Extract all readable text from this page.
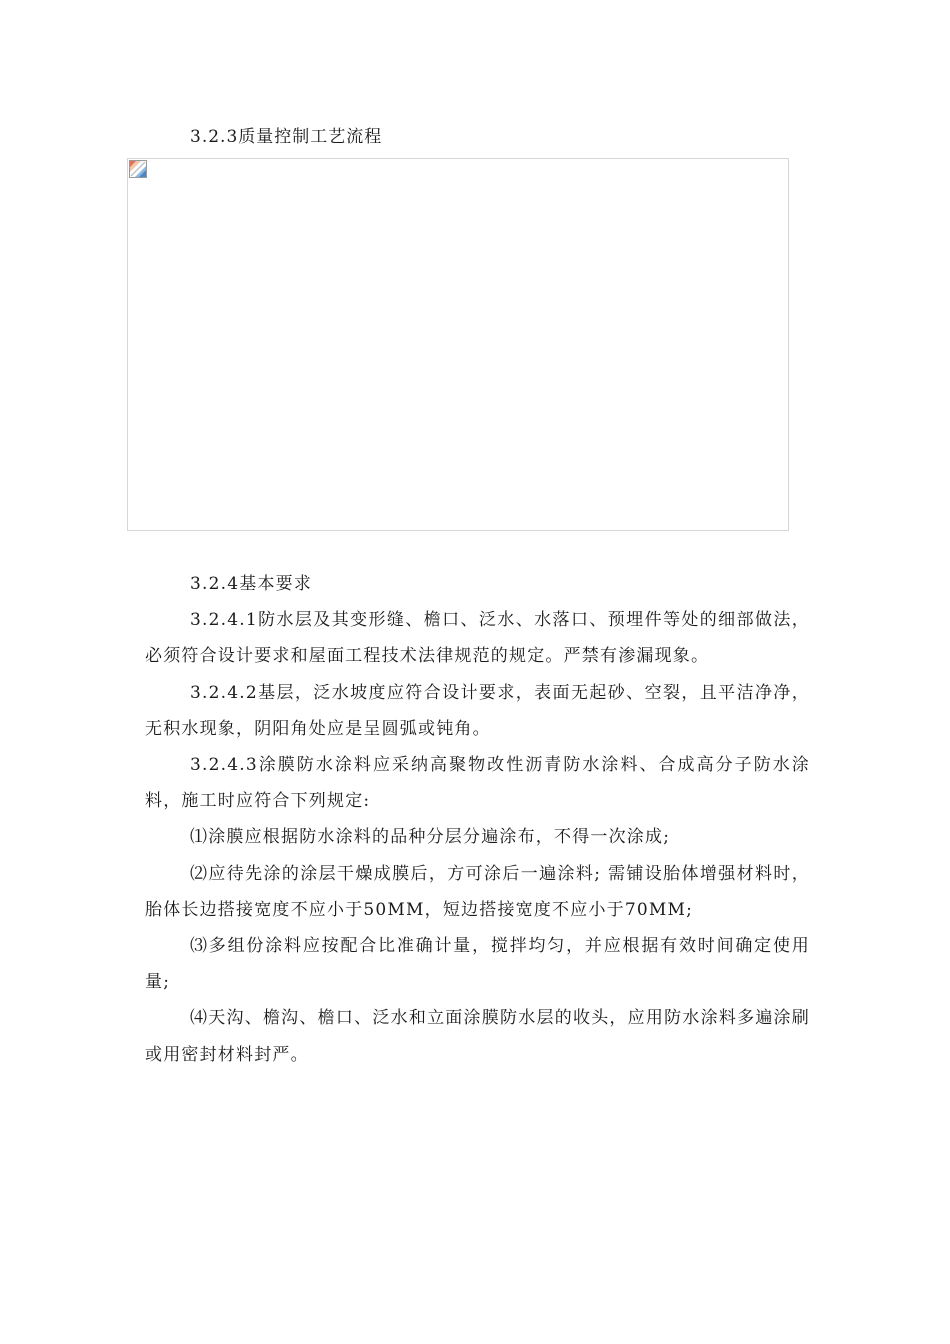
3.2.3质量控制工艺流程

3.2.4基本要求

3.2.4.1防水层及其变形缝、檐口、泛水、水落口、预埋件等处的细部做法，必须符合设计要求和屋面工程技术法律规范的规定。严禁有渗漏现象。

3.2.4.2基层，泛水坡度应符合设计要求，表面无起砂、空裂，且平洁净净，无积水现象，阴阳角处应是呈圆弧或钝角。

3.2.4.3涂膜防水涂料应采纳高聚物改性沥青防水涂料、合成高分子防水涂料，施工时应符合下列规定:

⑴涂膜应根据防水涂料的品种分层分遍涂布，不得一次涂成;

⑵应待先涂的涂层干燥成膜后，方可涂后一遍涂料; 需铺设胎体增强材料时，胎体长边搭接宽度不应小于50MM，短边搭接宽度不应小于70MM;

⑶多组份涂料应按配合比准确计量，搅拌均匀，并应根据有效时间确定使用量;

⑷天沟、檐沟、檐口、泛水和立面涂膜防水层的收头，应用防水涂料多遍涂刷或用密封材料封严。
